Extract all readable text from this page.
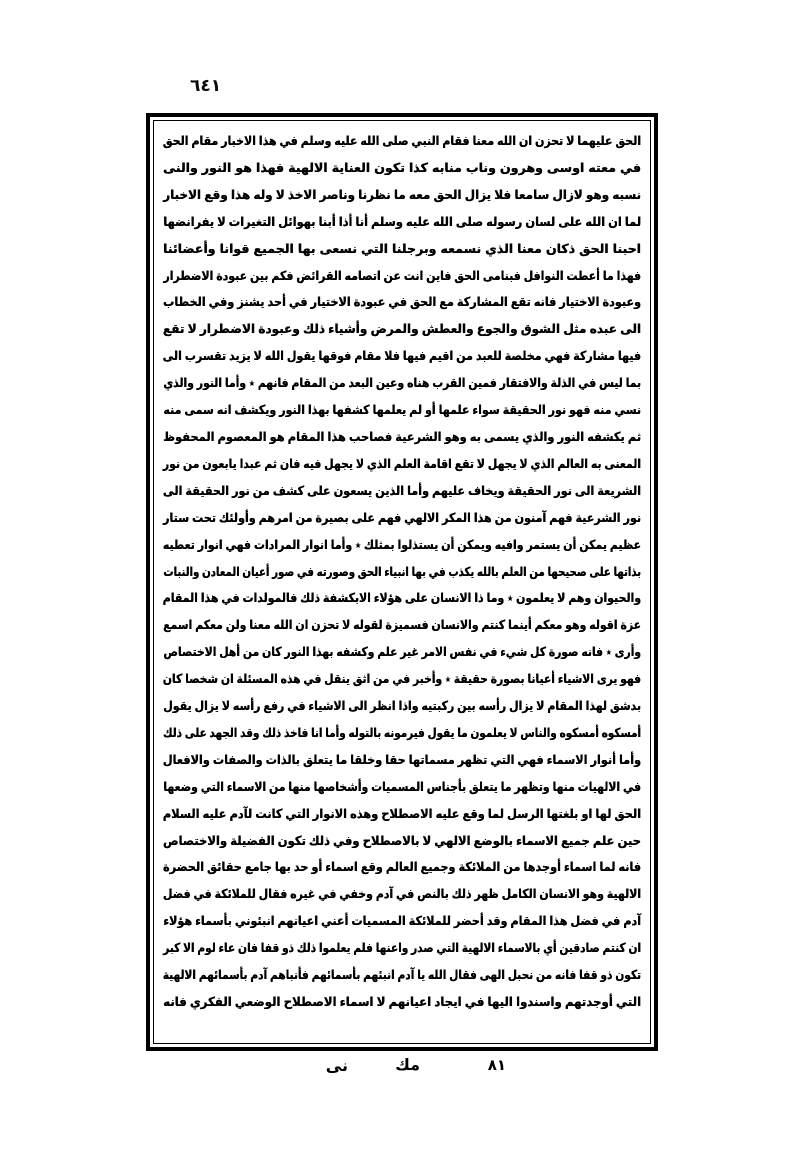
٦٤١
الحق عليهما لا تحزن ان الله معنا فقام النبي صلى الله عليه وسلم في هذا الاخبار مقام الحق
في معته اوسى وهرون وناب منابه كذا تكون العناية الالهية فهذا هو النور والنى
نسبه وهو لازال سامعا فلا يزال الحق معه ما نظرنا وناصر الاخذ لا وله هذا وقع الاخبار
لما ان الله على لسان رسوله صلى الله عليه وسلم أنا أذا أبنا بهوائل التغيرات لا يفرانضها
احبنا الحق ذكان معنا الذي نسمعه وبرجلنا التي نسعى بها الجميع قوانا وأعضائنا
فهذا ما أعطت النوافل فبنامى الحق فاين انت عن اتصامه القرائض فكم بين عبودة الاضطرار
وعبودة الاختيار فانه تقع المشاركة مع الحق في عبودة الاختيار في أحد يشنز وفي الخطاب
الى عبده مثل الشوق والجوع والعطش والمرض وأشياء ذلك وعبودة الاضطرار لا تقع
فيها مشاركة فهي مخلصة للعبد من اقيم فيها فلا مقام فوقها يقول الله لا يزيد تقسرب الى
بما ليس في الذلة والافتقار فمين القرب هناه وعين البعد من المقام فانهم ٭ وأما النور والذي
نسي منه فهو نور الحقيقة سواء علمها أو لم يعلمها كشفها بهذا النور ويكشف انه سمى منه
ثم يكشفه النور والذي يسمى به وهو الشرعية فصاحب هذا المقام هو المعصوم المحفوظ
المعنى به العالم الذي لا يجهل لا تقع اقامة العلم الذي لا يجهل فيه فان ثم عبدا يابعون من نور
الشريعة الى نور الحقيقة ويخاف عليهم وأما الذين يسعون على كشف من نور الحقيقة الى
نور الشرعية فهم آمنون من هذا المكر الالهي فهم على بصيرة من امرهم وأولئك تحت ستار
عظيم يمكن أن يستمر وافيه ويمكن أن يستذلوا بمثلك ٭ وأما انوار المرادات فهي انوار تعطيه
بذاتها على صحيحها من العلم بالله يكذب في بها انبياء الحق وصورته في صور أعيان المعادن والنبات
والحيوان وهم لا يعلمون ٭ وما ذا الانسان على هؤلاء الابكشفة ذلك فالمولدات في هذا المقام
عزة اقوله وهو معكم أينما كنتم والانسان فسميزة لقوله لا تحزن ان الله معنا ولن معكم اسمع
وأرى ٭ فانه صورة كل شيء في نفس الامر غير علم وكشفه بهذا النور كان من أهل الاختصاص
فهو يرى الاشياء أعيانا بصورة حقيقة ٭ وأخبر في من اثق ينقل في هذه المسئلة ان شخصا كان
بدشق لهذا المقام لا يزال رأسه بين ركبتيه واذا انظر الى الاشياء في رفع رأسه لا يزال يقول
أمسكوه أمسكوه والناس لا يعلمون ما يقول فيرمونه بالتوله وأما انا فاخذ ذلك وقد الجهد على ذلك
وأما أنوار الاسماء فهي التي تظهر مسماتها حقا وخلقا ما يتعلق بالذات والصفات والافعال
في الالهيات منها وتظهر ما يتعلق بأجناس المسميات وأشخاصها منها من الاسماء التي وضعها
الحق لها او بلغتها الرسل لما وقع عليه الاصطلاح وهذه الانوار التي كانت لآدم عليه السلام
حين علم جميع الاسماء بالوضع الالهي لا بالاصطلاح وفي ذلك تكون الفضيلة والاختصاص
فانه لما اسماء أوجدها من الملائكة وجميع العالم وقع اسماء أو حد بها جامع حقائق الحضرة
الالهية وهو الانسان الكامل ظهر ذلك بالنص في آدم وخفي في غيره فقال للملائكة في فضل
آدم في فضل هذا المقام وقد أحضر للملائكة المسميات أعني اعيانهم انبئوني بأسماء هؤلاء
ان كنتم صادقين أي بالاسماء الالهية التي صدر واعنها فلم يعلموا ذلك ذو قفا فان عاء لوم الا كبر
تكون ذو قفا فانه من نحبل الهى فقال الله يا آدم انبئهم بأسمائهم فأنباهم آدم بأسمائهم الالهية
التي أوجدتهم واسندوا اليها في ايجاد اعيانهم لا اسماء الاصطلاح الوضعي الفكري فانه
نى	مك	٨١
